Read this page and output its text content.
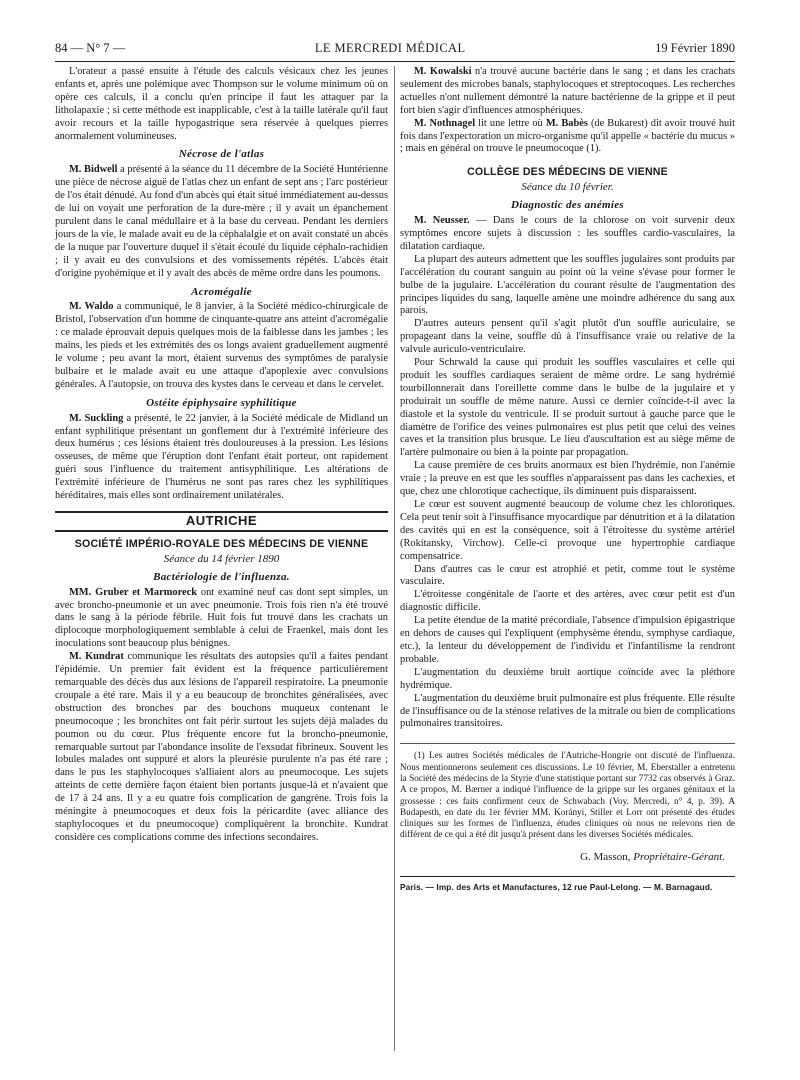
84 — N° 7 —	LE MERCREDI MÉDICAL	19 Février 1890

L'orateur a passé ensuite à l'étude des calculs vésicaux chez les jeunes enfants et, après une polémique avec Thompson sur le volume minimum où on opère ces calculs, il a conclu qu'en principe il faut les attaquer par la litholapaxie ; si cette méthode est inapplicable, c'est à la taille latérale qu'il faut avoir recours et la taille hypogastrique sera réservée à quelques pierres anormalement volumineuses.

Nécrose de l'atlas

M. Bidwell a présenté à la séance du 11 décembre de la Société Huntérienne une pièce de nécrose aiguë de l'atlas chez un enfant de sept ans ; l'arc postérieur de l'os était dénudé. Au fond d'un abcès qui était situé immédiatement au-dessus de lui on voyait une perforation de la dure-mère ; il y avait un épanchement purulent dans le canal médullaire et à la base du cerveau. Pendant les derniers jours de la vie, le malade avait eu de la céphalalgie et on avait constaté un abcès de la nuque par l'ouverture duquel il s'était écoulé du liquide céphalo-rachidien ; il y avait eu des convulsions et des vomissements répétés. L'abcès était d'origine pyohémique et il y avait des abcès de même ordre dans les poumons.

Acromégalie

M. Waldo a communiqué, le 8 janvier, à la Société médico-chirurgicale de Bristol, l'observation d'un homme de cinquante-quatre ans atteint d'acromégalie : ce malade éprouvait depuis quelques mois de la faiblesse dans les jambes ; les mains, les pieds et les extrémités des os longs avaient graduellement augmenté le volume ; peu avant la mort, étaient survenus des symptômes de paralysie bulbaire et le malade avait eu une attaque d'apoplexie avec convulsions générales. A l'autopsie, on trouva des kystes dans le cerveau et dans le cervelet.

Ostéite épiphysaire syphilitique

M. Suckling a présenté, le 22 janvier, à la Société médicale de Midland un enfant syphilitique présentant un gonflement dur à l'extrémité inférieure des deux humérus ; ces lésions étaient très douloureuses à la pression. Les lésions osseuses, de même que l'éruption dont l'enfant était porteur, ont rapidement guéri sous l'influence du traitement antisyphilitique. Les altérations de l'extrémité inférieure de l'humérus ne sont pas rares chez les syphilitiques héréditaires, mais elles sont ordinairement unilatérales.

AUTRICHE
SOCIÉTÉ IMPÉRIO-ROYALE DES MÉDECINS DE VIENNE
Séance du 14 février 1890
Bactériologie de l'influenza.

MM. Gruber et Marmoreck ont examiné neuf cas dont sept simples, un avec broncho-pneumonie et un avec pneumonie. Trois fois rien n'a été trouvé dans le sang à la période fébrile. Huit fois fut trouvé dans les crachats un diplocoque morphologiquement semblable à celui de Fraenkel, mais dont les inoculations sont beaucoup plus bénignes.

M. Kundrat communique les résultats des autopsies qu'il a faites pendant l'épidémie. Un premier fait évident est la fréquence particulièrement remarquable des décès dus aux lésions de l'appareil respiratoire. La pneumonie croupale a été rare. Mais il y a eu beaucoup de bronchites généralisées, avec obstruction des bronches par des bouchons muqueux contenant le pneumocoque ; les bronchites ont fait périr surtout les sujets déjà malades du poumon ou du cœur. Plus fréquente encore fut la broncho-pneumonie, remarquable surtout par l'abondance insolite de l'exsudat fibrineux. Souvent les lobules malades ont suppuré et alors la pleurésie purulente n'a pas été rare ; dans le pus les staphylocoques s'alliaient alors au pneumocoque. Les sujets atteints de cette dernière façon étaient bien portants jusque-là et n'avaient que de 17 à 24 ans. Il y a eu quatre fois complication de gangrène. Trois fois la méningite à pneumocoques et deux fois la péricardite (avec alliance des staphylocoques et du pneumocoque) compliquèrent la bronchite. Kundrat considère ces complications comme des infections secondaires.

M. Kowalski n'a trouvé aucune bactérie dans le sang ; et dans les crachats seulement des microbes banals, staphylocoques et streptocoques. Les recherches actuelles n'ont nullement démontré la nature bactérienne de la grippe et il peut fort bien s'agir d'influences atmosphériques.

M. Nothnagel lit une lettre où M. Babès (de Bukarest) dit avoir trouvé huit fois dans l'expectoration un micro-organisme qu'il appelle « bactérie du mucus » ; mais en général on trouve le pneumocoque (1).

COLLÈGE DES MÉDECINS DE VIENNE
Séance du 10 février.
Diagnostic des anémies

M. Neusser. — Dans le cours de la chlorose on voit survenir deux symptômes encore sujets à discussion : les souffles cardio-vasculaires, la dilatation cardiaque.

La plupart des auteurs admettent que les souffles jugulaires sont produits par l'accélération du courant sanguin au point où la veine s'évase pour former le bulbe de la jugulaire. L'accélération du courant résulte de l'augmentation des principes liquides du sang, laquelle amène une moindre adhérence du sang aux parois.

D'autres auteurs pensent qu'il s'agit plutôt d'un souffle auriculaire, se propageant dans la veine, souffle dû à l'insuffisance vraie ou relative de la valvule auriculo-ventriculaire.

Pour Schrwald la cause qui produit les souffles vasculaires et celle qui produit les souffles cardiaques seraient de même ordre. Le sang hydrémié tourbillonnerait dans l'oreillette comme dans le bulbe de la jugulaire et y produirait un souffle de même nature. Aussi ce dernier coïncide-t-il avec la diastole et la systole du ventricule. Il se produit surtout à gauche parce que le diamètre de l'orifice des veines pulmonaires est plus petit que celui des veines caves et la transition plus brusque. Le lieu d'auscultation est au siège même de l'artère pulmonaire ou bien à la pointe par propagation.

La cause première de ces bruits anormaux est bien l'hydrémie, non l'anémie vraie ; la preuve en est que les souffles n'apparaissent pas dans les cachexies, et que, chez une chlorotique cachectique, ils diminuent puis disparaissent.

Le cœur est souvent augmenté beaucoup de volume chez les chlorotiques. Cela peut tenir soit à l'insuffisance myocardique par dénutrition et à la dilatation des cavités qui en est la conséquence, soit à l'étroitesse du système artériel (Rokitansky, Virchow). Celle-ci provoque une hypertrophie cardiaque compensatrice.

Dans d'autres cas le cœur est atrophié et petit, comme tout le système vasculaire.

L'étroitesse congénitale de l'aorte et des artères, avec cœur petit est d'un diagnostic difficile.

La petite étendue de la matité précordiale, l'absence d'impulsion épigastrique en dehors de causes qui l'expliquent (emphysème étendu, symphyse cardiaque, etc.), la lenteur du développement de l'individu et l'infantilisme la rendront probable.

L'augmentation du deuxième bruit aortique coïncide avec la pléthore hydrémique.

L'augmentation du deuxième bruit pulmonaire est plus fréquente. Elle résulte de l'insuffisance ou de la sténose relatives de la mitrale ou bien de complications pulmonaires transitoires.

(1) Les autres Sociétés médicales de l'Autriche-Hongrie ont discuté de l'influenza. Nous mentionnerons seulement ces discussions. Le 10 février, M. Eberstaller a entretenu la Société des médecins de la Styrie d'une statistique portant sur 7732 cas observés à Graz. A ce propos, M. Bærner a indiqué l'influence de la grippe sur les organes génitaux et la grossesse : ces faits confirment ceux de Schwabach (Voy. Mercredi, n° 4, p. 39). A Budapesth, en date du 1er février MM. Korányi, Stiller et Lorr ont présenté des études cliniques sur les formes de l'influenza, études cliniques où nous ne relevons rien de différent de ce qui a été dit jusqu'à présent dans les diverses Sociétés médicales.

G. Masson, Propriétaire-Gérant.
Paris. — Imp. des Arts et Manufactures, 12 rue Paul-Lelong. — M. Barnagaud.
